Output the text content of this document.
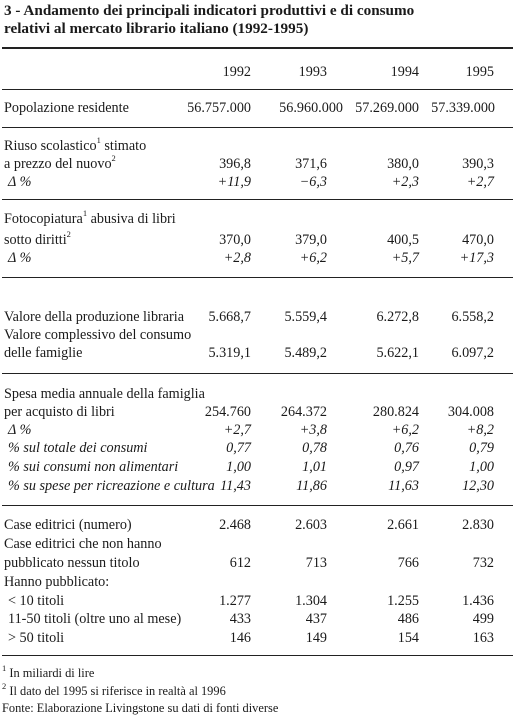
3 - Andamento dei principali indicatori produttivi e di consumo
relativi al mercato librario italiano (1992-1995)
1992	1993	1994	1995
Popolazione residente	56.757.000	56.960.000 57.269.000 57.339.000
Riuso scolastico$^1$ stimato
a prezzo del nuovo$^2$	396,8	371,6	380,0	390,3
Δ %	+11,9	−6,3	+2,3	+2,7
Fotocopiatura$^1$ abusiva di libri
sotto diritti$^2$	370,0	379,0	400,5	470,0
Δ %	+2,8	+6,2	+5,7	+17,3
Valore della produzione libraria	5.668,7	5.559,4	6.272,8	6.558,2
Valore complessivo del consumo
delle famiglie	5.319,1	5.489,2	5.622,1	6.097,2
Spesa media annuale della famiglia
per acquisto di libri	254.760	264.372	280.824	304.008
Δ %	+2,7	+3,8	+6,2	+8,2
% sul totale dei consumi	0,77	0,78	0,76	0,79
% sui consumi non alimentari	1,00	1,01	0,97	1,00
% su spese per ricreazione e cultura 11,43	11,86	11,63	12,30
Case editrici (numero)	2.468	2.603	2.661	2.830
Case editrici che non hanno
pubblicato nessun titolo	612	713	766	732
Hanno pubblicato:
< 10 titoli	1.277	1.304	1.255	1.436
11-50 titoli (oltre uno al mese)	433	437	486	499
> 50 titoli	146	149	154	163
$^1$ In miliardi di lire
$^2$ Il dato del 1995 si riferisce in realtà al 1996
Fonte: Elaborazione Livingstone su dati di fonti diverse
